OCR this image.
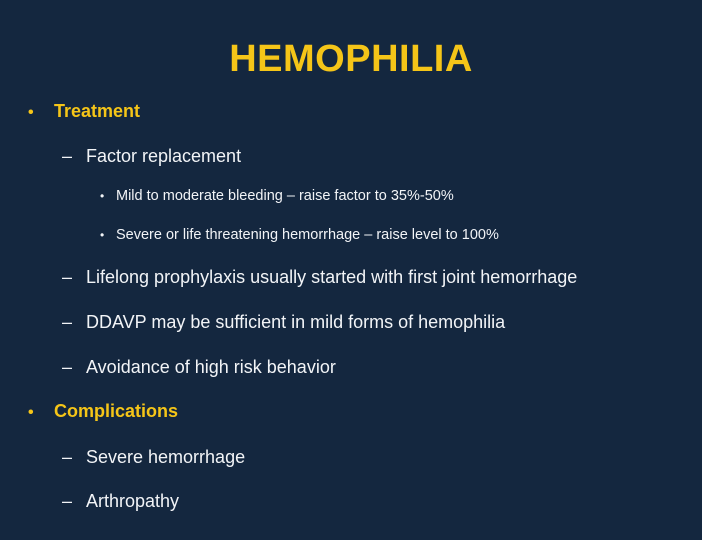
HEMOPHILIA
• Treatment
– Factor replacement
• Mild to moderate bleeding – raise factor to 35%-50%
• Severe or life threatening hemorrhage – raise level to 100%
– Lifelong prophylaxis usually started with first joint hemorrhage
– DDAVP may be sufficient in mild forms of hemophilia
– Avoidance of high risk behavior
• Complications
– Severe hemorrhage
– Arthropathy
